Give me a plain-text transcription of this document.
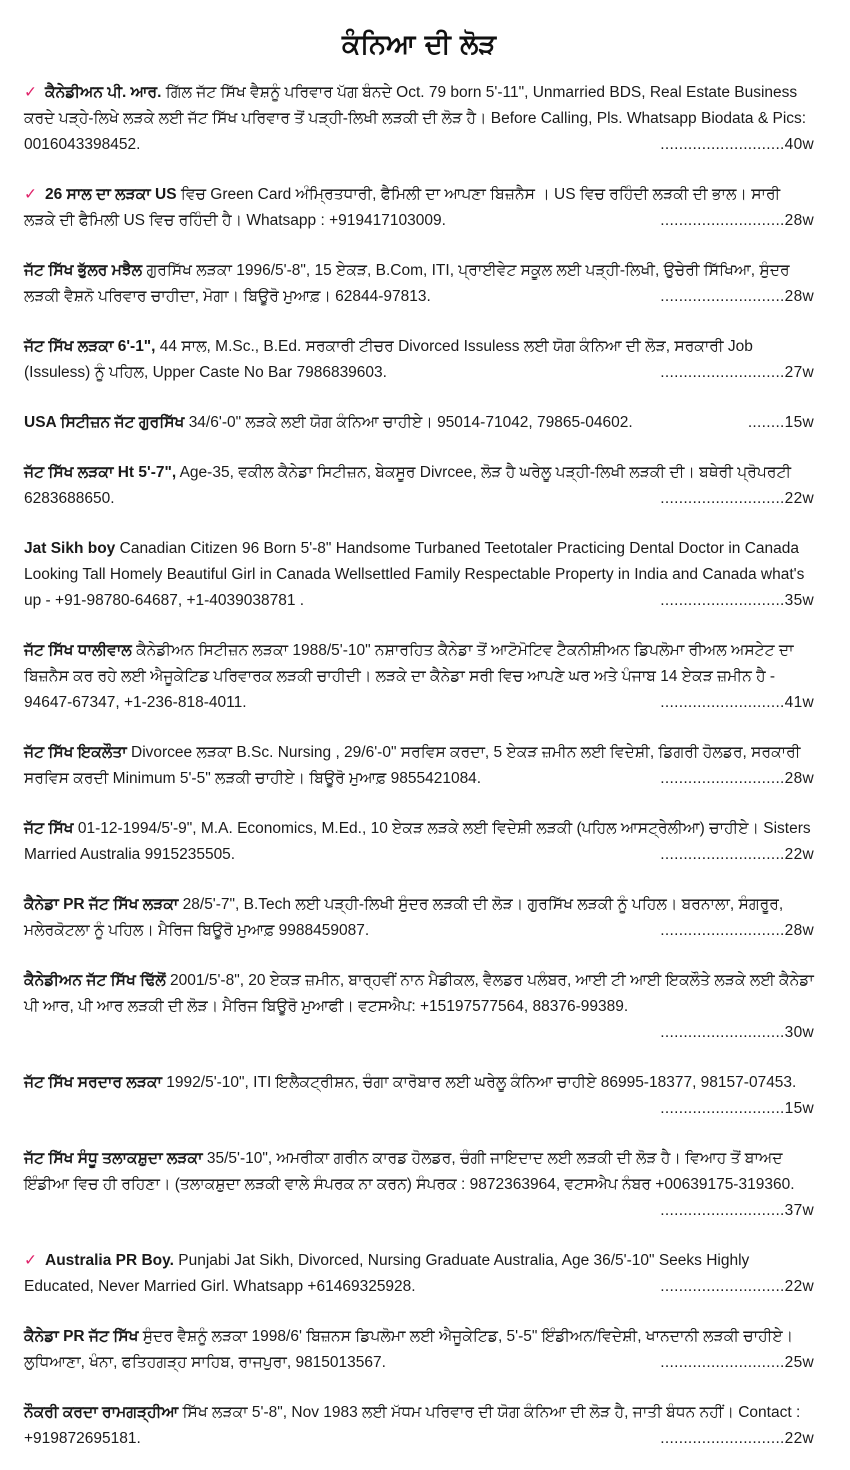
ਕੰਨਿਆ ਦੀ ਲੋੜ
✓ ਕੈਨੇਡੀਅਨ ਪੀ. ਆਰ. ਗਿੱਲ ਜੱਟ ਸਿੱਖ ਵੈਸ਼ਨੂੰ ਪਰਿਵਾਰ ਪੱਗ ਬੰਨਦੇ Oct. 79 born 5'-11", Unmarried BDS, Real Estate Business ਕਰਦੇ ਪੜ੍ਹੇ-ਲਿਖੇ ਲੜਕੇ ਲਈ ਜੱਟ ਸਿੱਖ ਪਰਿਵਾਰ ਤੋਂ ਪੜ੍ਹੀ-ਲਿਖੀ ਲੜਕੀ ਦੀ ਲੋੜ ਹੈ। Before Calling, Pls. Whatsapp Biodata & Pics: 0016043398452.	...........................40w
✓ 26 ਸਾਲ ਦਾ ਲੜਕਾ US ਵਿਚ Green Card ਅੰਮ੍ਰਿਤਧਾਰੀ, ਫੈਮਿਲੀ ਦਾ ਆਪਣਾ ਬਿਜ਼ਨੈਸ । US ਵਿਚ ਰਹਿੰਦੀ ਲੜਕੀ ਦੀ ਭਾਲ। ਸਾਰੀ ਲੜਕੇ ਦੀ ਫੈਮਿਲੀ US ਵਿਚ ਰਹਿੰਦੀ ਹੈ। Whatsapp : +919417103009.	...........................28w
ਜੱਟ ਸਿੱਖ ਭੁੱਲਰ ਮਝੈਲ ਗੁਰਸਿੱਖ ਲੜਕਾ 1996/5'-8", 15 ਏਕੜ, B.Com, ITI, ਪ੍ਰਾਈਵੇਟ ਸਕੂਲ ਲਈ ਪੜ੍ਹੀ-ਲਿਖੀ, ਉਚੇਰੀ ਸਿੱਖਿਆ, ਸੁੰਦਰ ਲੜਕੀ ਵੈਸ਼ਨੋ ਪਰਿਵਾਰ ਚਾਹੀਦਾ, ਮੋਗਾ। ਬਿਊਰੋ ਮੁਆਫ਼। 62844-97813.	...........................28w
ਜੱਟ ਸਿੱਖ ਲੜਕਾ 6'-1", 44 ਸਾਲ, M.Sc., B.Ed. ਸਰਕਾਰੀ ਟੀਚਰ Divorced Issuless ਲਈ ਯੋਗ ਕੰਨਿਆ ਦੀ ਲੋੜ, ਸਰਕਾਰੀ Job (Issuless) ਨੂੰ ਪਹਿਲ, Upper Caste No Bar 7986839603.	...........................27w
USA ਸਿਟੀਜ਼ਨ ਜੱਟ ਗੁਰਸਿੱਖ 34/6'-0" ਲੜਕੇ ਲਈ ਯੋਗ ਕੰਨਿਆ ਚਾਹੀਏ। 95014-71042, 79865-04602.	........15w
ਜੱਟ ਸਿੱਖ ਲੜਕਾ Ht 5'-7", Age-35, ਵਕੀਲ ਕੈਨੇਡਾ ਸਿਟੀਜ਼ਨ, ਬੇਕਸੂਰ Divrcee, ਲੋੜ ਹੈ ਘਰੇਲੂ ਪੜ੍ਹੀ-ਲਿਖੀ ਲੜਕੀ ਦੀ। ਬਥੇਰੀ ਪ੍ਰੋਪਰਟੀ 6283688650.	...........................22w
Jat Sikh boy Canadian Citizen 96 Born 5'-8" Handsome Turbaned Teetotaler Practicing Dental Doctor in Canada Looking Tall Homely Beautiful Girl in Canada Wellsettled Family Respectable Property in India and Canada what's up - +91-98780-64687, +1-4039038781 .	...........................35w
ਜੱਟ ਸਿੱਖ ਧਾਲੀਵਾਲ ਕੈਨੇਡੀਅਨ ਸਿਟੀਜ਼ਨ ਲੜਕਾ 1988/5'-10" ਨਸ਼ਾਰਹਿਤ ਕੈਨੇਡਾ ਤੋਂ ਆਟੋਮੋਟਿਵ ਟੈਕਨੀਸ਼ੀਅਨ ਡਿਪਲੋਮਾ ਰੀਅਲ ਅਸਟੇਟ ਦਾ ਬਿਜ਼ਨੈਸ ਕਰ ਰਹੇ ਲਈ ਐਜੂਕੇਟਿਡ ਪਰਿਵਾਰਕ ਲੜਕੀ ਚਾਹੀਦੀ। ਲੜਕੇ ਦਾ ਕੈਨੇਡਾ ਸਰੀ ਵਿਚ ਆਪਣੇ ਘਰ ਅਤੇ ਪੰਜਾਬ 14 ਏਕੜ ਜ਼ਮੀਨ ਹੈ - 94647-67347, +1-236-818-4011.	...........................41w
ਜੱਟ ਸਿੱਖ ਇਕਲੌਤਾ Divorcee ਲੜਕਾ B.Sc. Nursing , 29/6'-0" ਸਰਵਿਸ ਕਰਦਾ, 5 ਏਕੜ ਜ਼ਮੀਨ ਲਈ ਵਿਦੇਸ਼ੀ, ਡਿਗਰੀ ਹੋਲਡਰ, ਸਰਕਾਰੀ ਸਰਵਿਸ ਕਰਦੀ Minimum 5'-5" ਲੜਕੀ ਚਾਹੀਏ। ਬਿਊਰੋ ਮੁਆਫ਼ 9855421084.	...........................28w
ਜੱਟ ਸਿੱਖ 01-12-1994/5'-9", M.A. Economics, M.Ed., 10 ਏਕੜ ਲੜਕੇ ਲਈ ਵਿਦੇਸ਼ੀ ਲੜਕੀ (ਪਹਿਲ ਆਸਟ੍ਰੇਲੀਆ) ਚਾਹੀਏ। Sisters Married Australia 9915235505.	...........................22w
ਕੈਨੇਡਾ PR ਜੱਟ ਸਿੱਖ ਲੜਕਾ 28/5'-7", B.Tech ਲਈ ਪੜ੍ਹੀ-ਲਿਖੀ ਸੁੰਦਰ ਲੜਕੀ ਦੀ ਲੋੜ। ਗੁਰਸਿੱਖ ਲੜਕੀ ਨੂੰ ਪਹਿਲ। ਬਰਨਾਲਾ, ਸੰਗਰੂਰ, ਮਲੇਰਕੋਟਲਾ ਨੂੰ ਪਹਿਲ। ਮੈਰਿਜ ਬਿਊਰੋ ਮੁਆਫ਼ 9988459087.	...........................28w
ਕੈਨੇਡੀਅਨ ਜੱਟ ਸਿੱਖ ਢਿੱਲੋਂ 2001/5'-8", 20 ਏਕੜ ਜ਼ਮੀਨ, ਬਾਰ੍ਹਵੀਂ ਨਾਨ ਮੈਡੀਕਲ, ਵੈਲਡਰ ਪਲੰਬਰ, ਆਈ ਟੀ ਆਈ ਇਕਲੌਤੇ ਲੜਕੇ ਲਈ ਕੈਨੇਡਾ ਪੀ ਆਰ, ਪੀ ਆਰ ਲੜਕੀ ਦੀ ਲੋੜ। ਮੈਰਿਜ ਬਿਊਰੋ ਮੁਆਫੀ। ਵਟਸਐਪ: +15197577564, 88376-99389.
...........................30w
ਜੱਟ ਸਿੱਖ ਸਰਦਾਰ ਲੜਕਾ 1992/5'-10", ITI ਇਲੈਕਟ੍ਰੀਸ਼ਨ, ਚੰਗਾ ਕਾਰੋਬਾਰ ਲਈ ਘਰੇਲੂ ਕੰਨਿਆ ਚਾਹੀਏ 86995-18377, 98157-07453.
...........................15w
ਜੱਟ ਸਿੱਖ ਸੰਧੂ ਤਲਾਕਸ਼ੁਦਾ ਲੜਕਾ 35/5'-10", ਅਮਰੀਕਾ ਗਰੀਨ ਕਾਰਡ ਹੋਲਡਰ, ਚੰਗੀ ਜਾਇਦਾਦ ਲਈ ਲੜਕੀ ਦੀ ਲੋੜ ਹੈ। ਵਿਆਹ ਤੋਂ ਬਾਅਦ ਇੰਡੀਆ ਵਿਚ ਹੀ ਰਹਿਣਾ। (ਤਲਾਕਸ਼ੁਦਾ ਲੜਕੀ ਵਾਲੇ ਸੰਪਰਕ ਨਾ ਕਰਨ) ਸੰਪਰਕ : 9872363964, ਵਟਸਐਪ ਨੰਬਰ +00639175-319360.
...........................37w
✓ Australia PR Boy. Punjabi Jat Sikh, Divorced, Nursing Graduate Australia, Age 36/5'-10" Seeks Highly Educated, Never Married Girl. Whatsapp +61469325928.	...........................22w
ਕੈਨੇਡਾ PR ਜੱਟ ਸਿੱਖ ਸੁੰਦਰ ਵੈਸ਼ਨੂੰ ਲੜਕਾ 1998/6' ਬਿਜ਼ਨਸ ਡਿਪਲੋਮਾ ਲਈ ਐਜੂਕੇਟਿਡ, 5'-5" ਇੰਡੀਅਨ/ਵਿਦੇਸ਼ੀ, ਖਾਨਦਾਨੀ ਲੜਕੀ ਚਾਹੀਏ। ਲੁਧਿਆਣਾ, ਖੰਨਾ, ਫਤਿਹਗੜ੍ਹ ਸਾਹਿਬ, ਰਾਜਪੁਰਾ, 9815013567.	...........................25w
ਨੌਕਰੀ ਕਰਦਾ ਰਾਮਗੜ੍ਹੀਆ ਸਿੱਖ ਲੜਕਾ 5'-8", Nov 1983 ਲਈ ਮੱਧਮ ਪਰਿਵਾਰ ਦੀ ਯੋਗ ਕੰਨਿਆ ਦੀ ਲੋੜ ਹੈ, ਜਾਤੀ ਬੰਧਨ ਨਹੀਂ। Contact : +919872695181.	...........................22w
